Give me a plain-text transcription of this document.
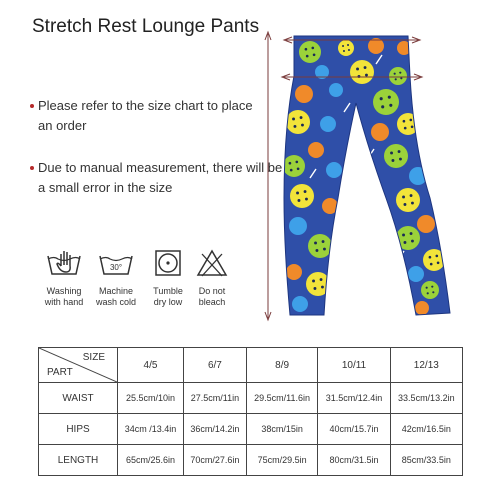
Stretch Rest Lounge Pants
Please refer to the size chart to place an order
Due to manual measurement, there will be a small error in the size
Washing
with hand
30°
Machine
wash cold
Tumble
dry low
Do not
bleach
SIZE
PART	4/5	6/7	8/9	10/11	12/13
WAIST	25.5cm/10in	27.5cm/11in	29.5cm/11.6in	31.5cm/12.4in	33.5cm/13.2in
HIPS	34cm /13.4in	36cm/14.2in	38cm/15in	40cm/15.7in	42cm/16.5in
LENGTH	65cm/25.6in	70cm/27.6in	75cm/29.5in	80cm/31.5in	85cm/33.5in
